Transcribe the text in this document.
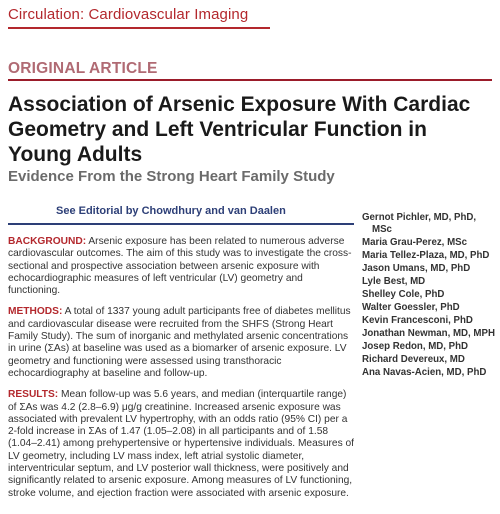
Circulation: Cardiovascular Imaging
ORIGINAL ARTICLE
Association of Arsenic Exposure With Cardiac Geometry and Left Ventricular Function in Young Adults
Evidence From the Strong Heart Family Study
See Editorial by Chowdhury and van Daalen

BACKGROUND: Arsenic exposure has been related to numerous adverse cardiovascular outcomes. The aim of this study was to investigate the cross-sectional and prospective association between arsenic exposure with echocardiographic measures of left ventricular (LV) geometry and functioning.

METHODS: A total of 1337 young adult participants free of diabetes mellitus and cardiovascular disease were recruited from the SHFS (Strong Heart Family Study). The sum of inorganic and methylated arsenic concentrations in urine (ΣAs) at baseline was used as a biomarker of arsenic exposure. LV geometry and functioning were assessed using transthoracic echocardiography at baseline and follow-up.

RESULTS: Mean follow-up was 5.6 years, and median (interquartile range) of ΣAs was 4.2 (2.8–6.9) μg/g creatinine. Increased arsenic exposure was associated with prevalent LV hypertrophy, with an odds ratio (95% CI) per a 2-fold increase in ΣAs of 1.47 (1.05–2.08) in all participants and of 1.58 (1.04–2.41) among prehypertensive or hypertensive individuals. Measures of LV geometry, including LV mass index, left atrial systolic diameter, interventricular septum, and LV posterior wall thickness, were positively and significantly related to arsenic exposure. Among measures of LV functioning, stroke volume, and ejection fraction were associated with arsenic exposure.

Gernot Pichler, MD, PhD, MSc
Maria Grau-Perez, MSc
Maria Tellez-Plaza, MD, PhD
Jason Umans, MD, PhD
Lyle Best, MD
Shelley Cole, PhD
Walter Goessler, PhD
Kevin Francesconi, PhD
Jonathan Newman, MD, MPH
Josep Redon, MD, PhD
Richard Devereux, MD
Ana Navas-Acien, MD, PhD
